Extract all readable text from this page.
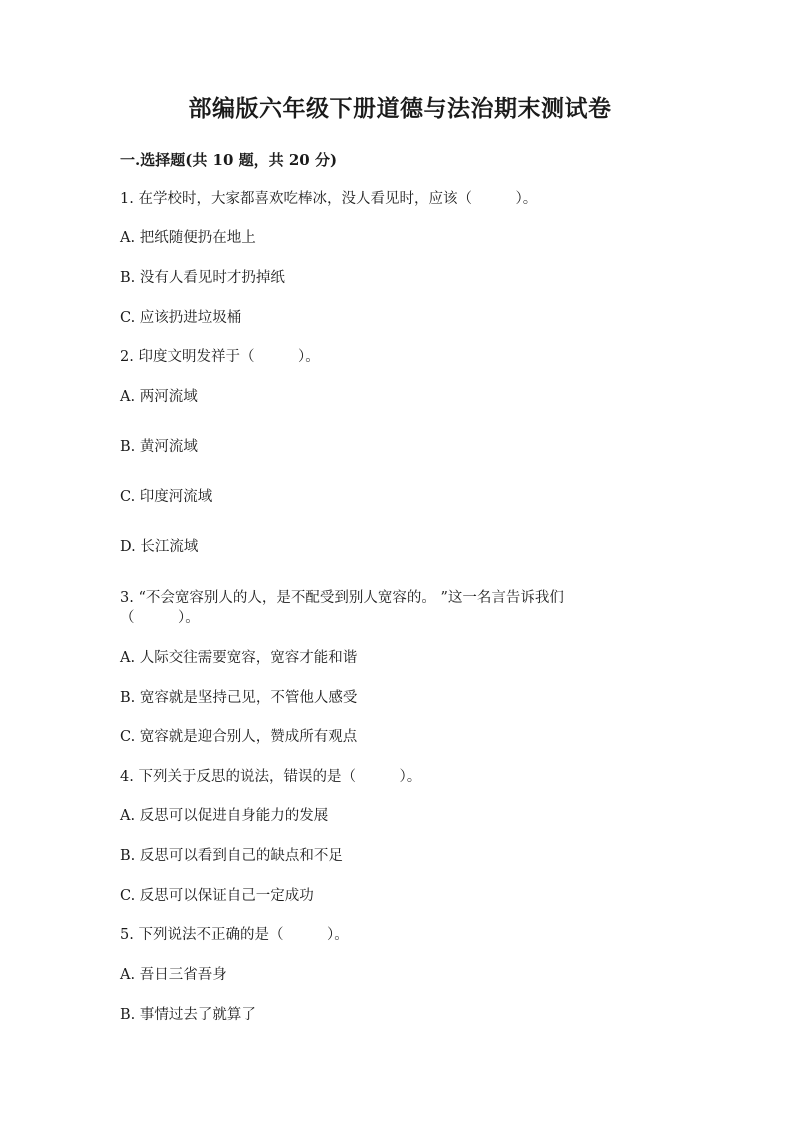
部编版六年级下册道德与法治期末测试卷
一.选择题(共 10 题，共 20 分)
1. 在学校时，大家都喜欢吃棒冰，没人看见时，应该（　　　）。
A. 把纸随便扔在地上
B. 没有人看见时才扔掉纸
C. 应该扔进垃圾桶
2. 印度文明发祥于（　　　）。
A. 两河流域
B. 黄河流域
C. 印度河流域
D. 长江流域
3. “不会宽容别人的人，是不配受到别人宽容的。 ”这一名言告诉我们
（　　　）。
A. 人际交往需要宽容，宽容才能和谐
B. 宽容就是坚持己见，不管他人感受
C. 宽容就是迎合别人，赞成所有观点
4. 下列关于反思的说法，错误的是（　　　）。
A. 反思可以促进自身能力的发展
B. 反思可以看到自己的缺点和不足
C. 反思可以保证自己一定成功
5. 下列说法不正确的是（　　　）。
A. 吾日三省吾身
B. 事情过去了就算了
